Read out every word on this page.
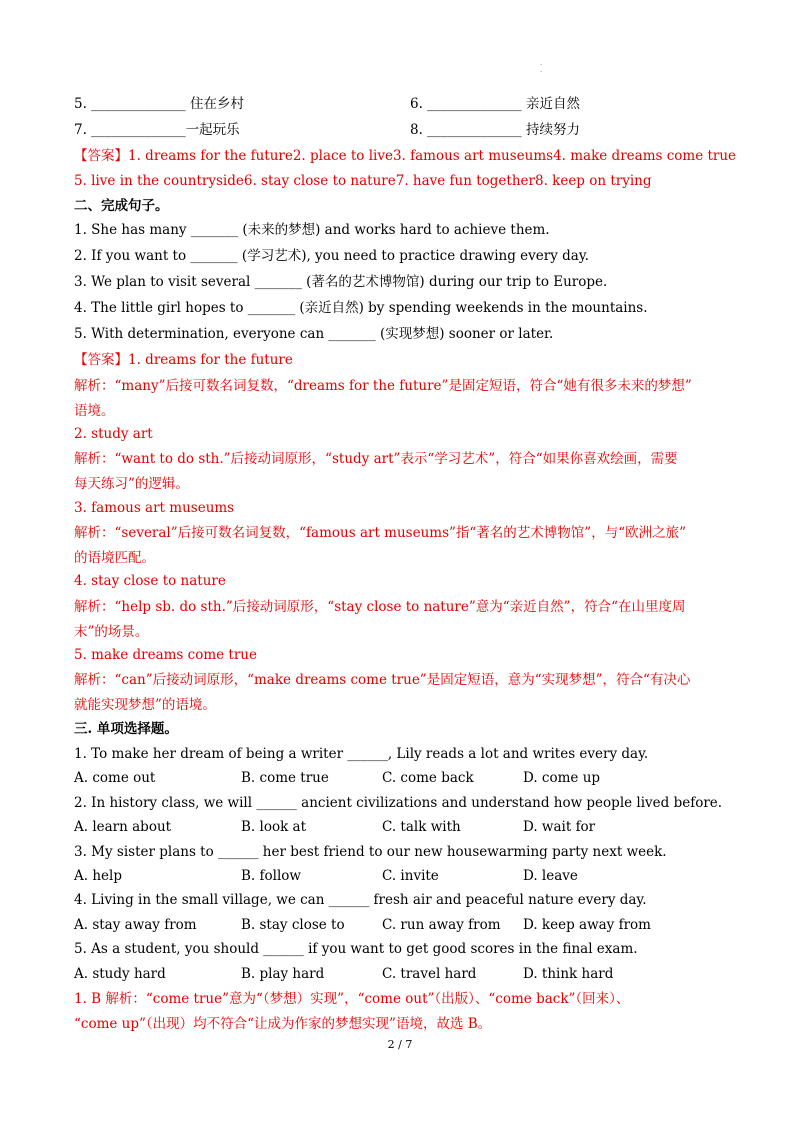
·
·
5. ______________ 住在乡村	6. ______________ 亲近自然
7. ______________一起玩乐	8. ______________ 持续努力
【答案】1. dreams for the future2. place to live3. famous art museums4. make dreams come true
5. live in the countryside6. stay close to nature7. have fun together8. keep on trying
二、完成句子。
1. She has many _______ (未来的梦想) and works hard to achieve them.
2. If you want to _______ (学习艺术), you need to practice drawing every day.
3. We plan to visit several _______ (著名的艺术博物馆) during our trip to Europe.
4. The little girl hopes to _______ (亲近自然) by spending weekends in the mountains.
5. With determination, everyone can _______ (实现梦想) sooner or later.
【答案】1. dreams for the future
解析：“many”后接可数名词复数，“dreams for the future”是固定短语，符合“她有很多未来的梦想”
语境。
2. study art
解析：“want to do sth.”后接动词原形，“study art”表示“学习艺术”，符合“如果你喜欢绘画，需要
每天练习”的逻辑。
3. famous art museums
解析：“several”后接可数名词复数，“famous art museums”指“著名的艺术博物馆”，与“欧洲之旅”
的语境匹配。
4. stay close to nature
解析：“help sb. do sth.”后接动词原形，“stay close to nature”意为“亲近自然”，符合“在山里度周
末”的场景。
5. make dreams come true
解析：“can”后接动词原形，“make dreams come true”是固定短语，意为“实现梦想”，符合“有决心
就能实现梦想”的语境。
三. 单项选择题。
1. To make her dream of being a writer ______, Lily reads a lot and writes every day.
A. come out	B. come true	C. come back	D. come up
2. In history class, we will ______ ancient civilizations and understand how people lived before.
A. learn about	B. look at	C. talk with	D. wait for
3. My sister plans to ______ her best friend to our new housewarming party next week.
A. help	B. follow	C. invite	D. leave
4. Living in the small village, we can ______ fresh air and peaceful nature every day.
A. stay away from	B. stay close to	C. run away from D. keep away from
5. As a student, you should ______ if you want to get good scores in the final exam.
A. study hard	B. play hard	C. travel hard	D. think hard
1. B 解析：“come true”意为“（梦想）实现”，“come out”（出版）、“come back”（回来）、
“come up”（出现）均不符合“让成为作家的梦想实现”语境，故选 B。
2 / 7
